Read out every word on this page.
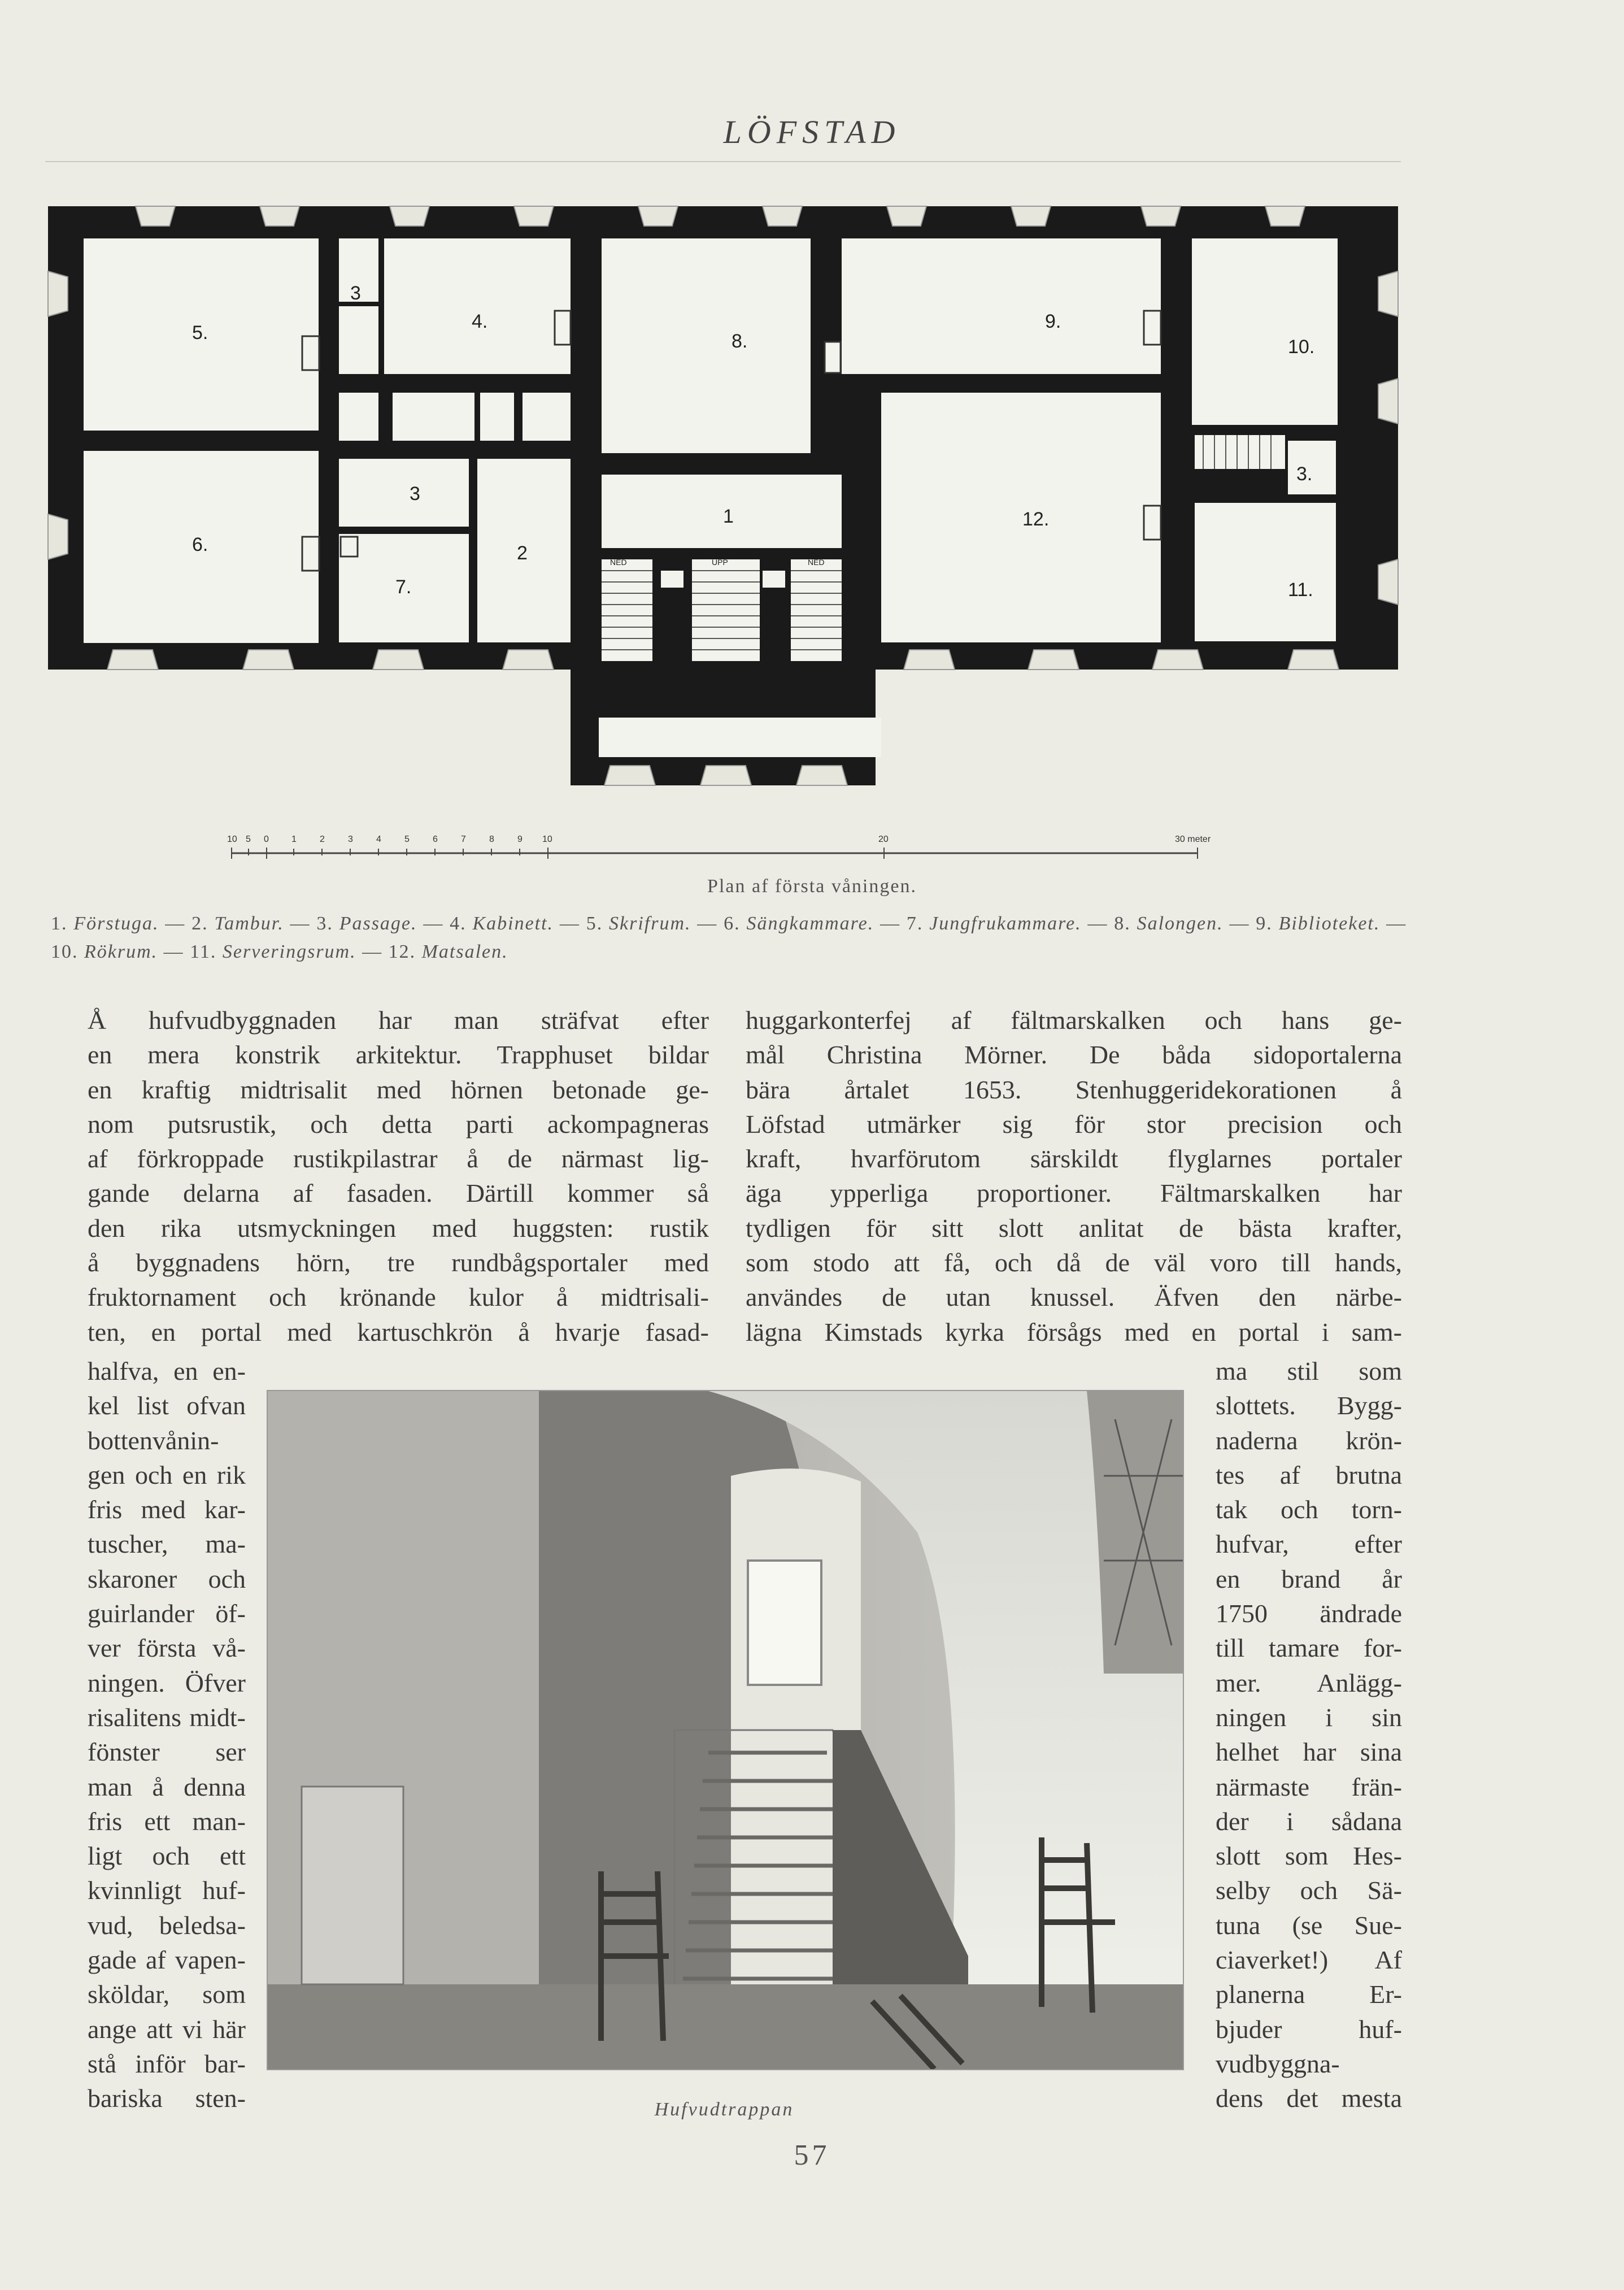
LÖFSTAD
5.
3
4.
8.
9.
10.
6.
3
1	12.
3.
7.
2
11.
NED	UPP	NED
10 5 0	1	2	3	4	5	6	7	8	9 10	20	30 meter
Plan af första våningen.
1. Förstuga. — 2. Tambur. — 3. Passage. — 4. Kabinett. — 5. Skrifrum. — 6. Sängkammare. — 7. Jungfrukammare. — 8. Salongen. — 9. Biblioteket. — 10. Rökrum. — 11. Serveringsrum. — 12. Matsalen.

Å hufvudbyggnaden har man sträfvat efter

en mera konstrik arkitektur. Trapphuset bildar

en kraftig midtrisalit med hörnen betonade ge-

nom putsrustik, och detta parti ackompagneras

af förkroppade rustikpilastrar å de närmast lig-

gande delarna af fasaden. Därtill kommer så

den rika utsmyckningen med huggsten: rustik

å byggnadens hörn, tre rundbågsportaler med

fruktornament och krönande kulor å midtrisali-

ten, en portal med kartuschkrön å hvarje fasad-

huggarkonterfej af fältmarskalken och hans ge-

mål Christina Mörner. De båda sidoportalerna

bära årtalet 1653. Stenhuggeridekorationen å

Löfstad utmärker sig för stor precision och

kraft, hvarförutom särskildt flyglarnes portaler

äga ypperliga proportioner. Fältmarskalken har

tydligen för sitt slott anlitat de bästa krafter,

som stodo att få, och då de väl voro till hands,

användes de utan knussel. Äfven den närbe-

lägna Kimstads kyrka försågs med en portal i sam-

halfva, en en-

kel list ofvan

bottenvånin-

gen och en rik

fris med kar-

tuscher, ma-

skaroner och

guirlander öf-

ver första vå-

ningen. Öfver

risalitens midt-

fönster ser

man å denna

fris ett man-

ligt och ett

kvinnligt huf-

vud, beledsa-

gade af vapen-

sköldar, som

ange att vi här

stå inför bar-

bariska sten-

ma stil som

slottets. Bygg-

naderna krön-

tes af brutna

tak och torn-

hufvar, efter

en brand år

1750 ändrade

till tamare for-

mer. Anlägg-

ningen i sin

helhet har sina

närmaste frän-

der i sådana

slott som Hes-

selby och Sä-

tuna (se Sue-

ciaverket!) Af

planerna Er-

bjuder huf-

vudbyggna-

dens det mesta

Hufvudtrappan
57
